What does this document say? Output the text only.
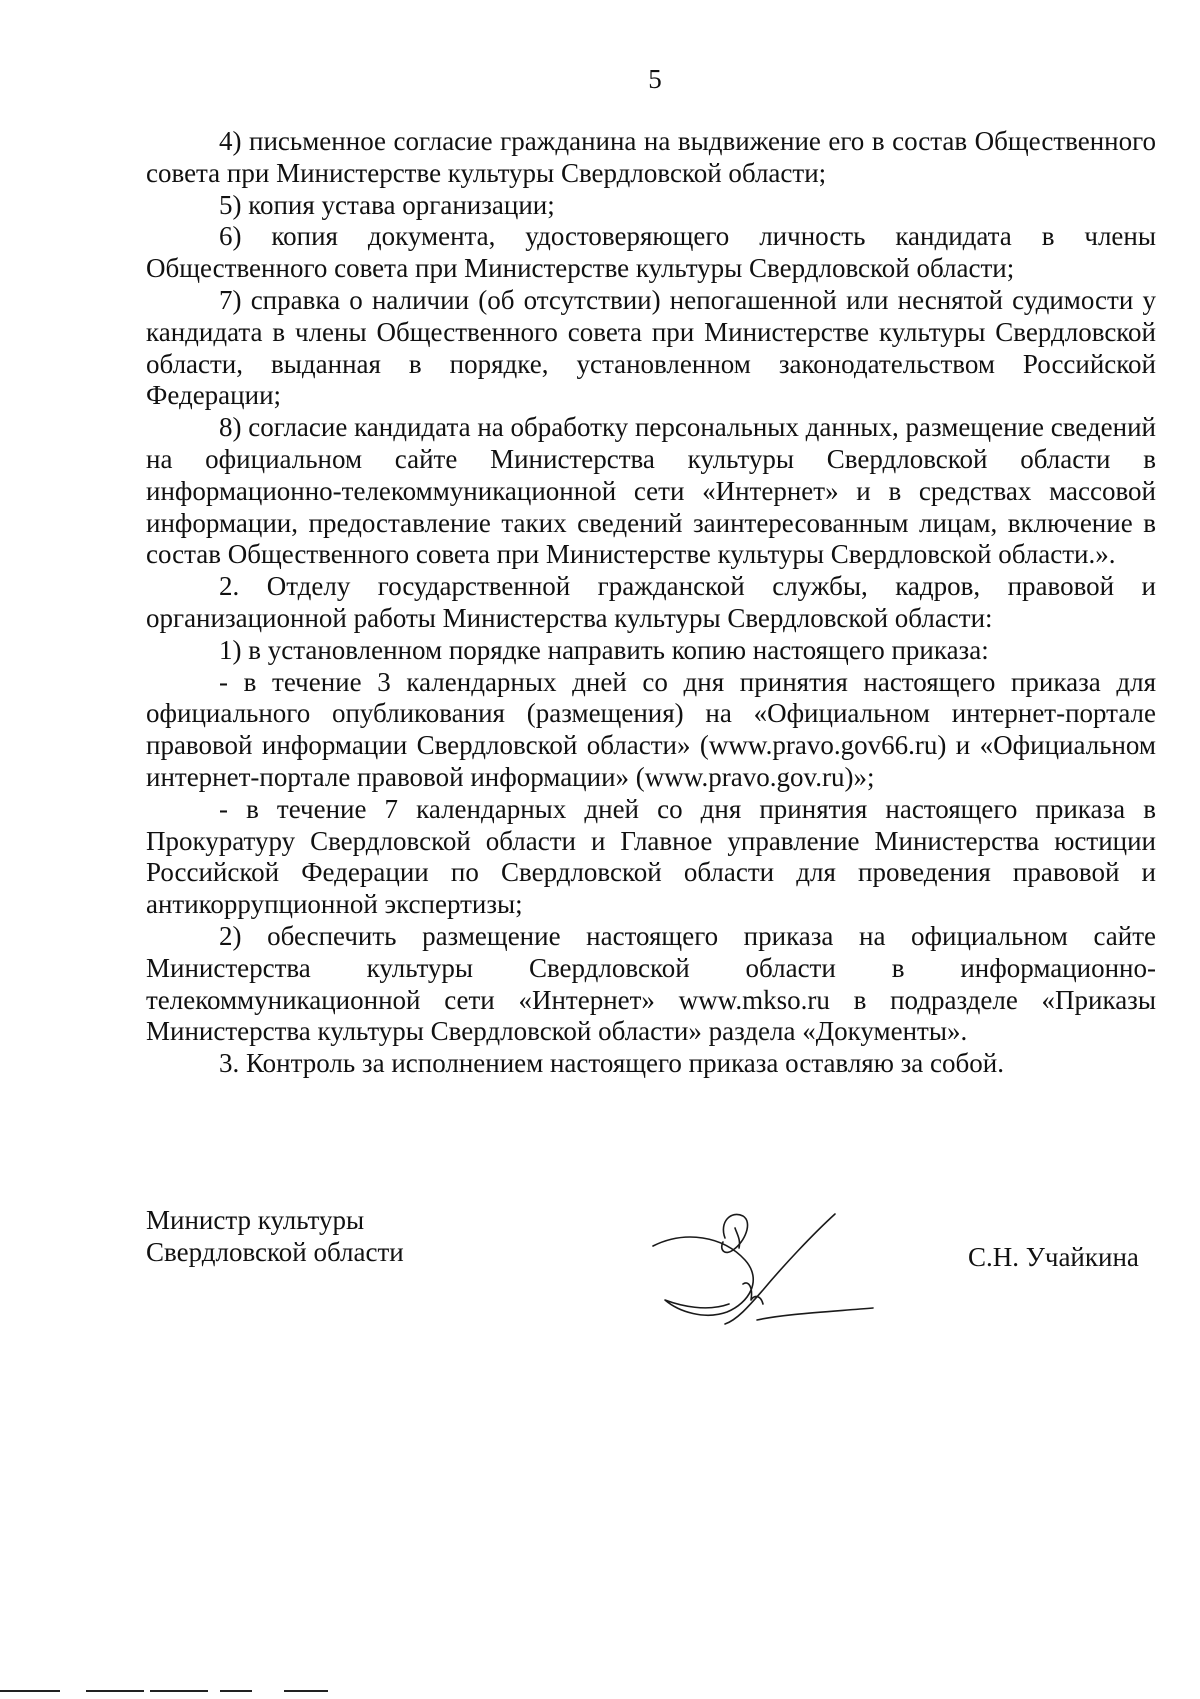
5

4) письменное согласие гражданина на выдвижение его в состав Общественного совета при Министерстве культуры Свердловской области;

5) копия устава организации;

6) копия документа, удостоверяющего личность кандидата в члены Общественного совета при Министерстве культуры Свердловской области;

7) справка о наличии (об отсутствии) непогашенной или неснятой судимости у кандидата в члены Общественного совета при Министерстве культуры Свердловской области, выданная в порядке, установленном законодательством Российской Федерации;

8) согласие кандидата на обработку персональных данных, размещение сведений на официальном сайте Министерства культуры Свердловской области в информационно-телекоммуникационной сети «Интернет» и в средствах массовой информации, предоставление таких сведений заинтересованным лицам, включение в состав Общественного совета при Министерстве культуры Свердловской области.».

2. Отделу государственной гражданской службы, кадров, правовой и организационной работы Министерства культуры Свердловской области:

1) в установленном порядке направить копию настоящего приказа:

- в течение 3 календарных дней со дня принятия настоящего приказа для официального опубликования (размещения) на «Официальном интернет-портале правовой информации Свердловской области» (www.pravo.gov66.ru) и «Официальном интернет-портале правовой информации» (www.pravo.gov.ru)»;

- в течение 7 календарных дней со дня принятия настоящего приказа в Прокуратуру Свердловской области и Главное управление Министерства юстиции Российской Федерации по Свердловской области для проведения правовой и антикоррупционной экспертизы;

2) обеспечить размещение настоящего приказа на официальном сайте Министерства культуры Свердловской области в информационно-телекоммуникационной сети «Интернет» www.mkso.ru в подразделе «Приказы Министерства культуры Свердловской области» раздела «Документы».

3. Контроль за исполнением настоящего приказа оставляю за собой.

Министр культуры
Свердловской области	С.Н. Учайкина
